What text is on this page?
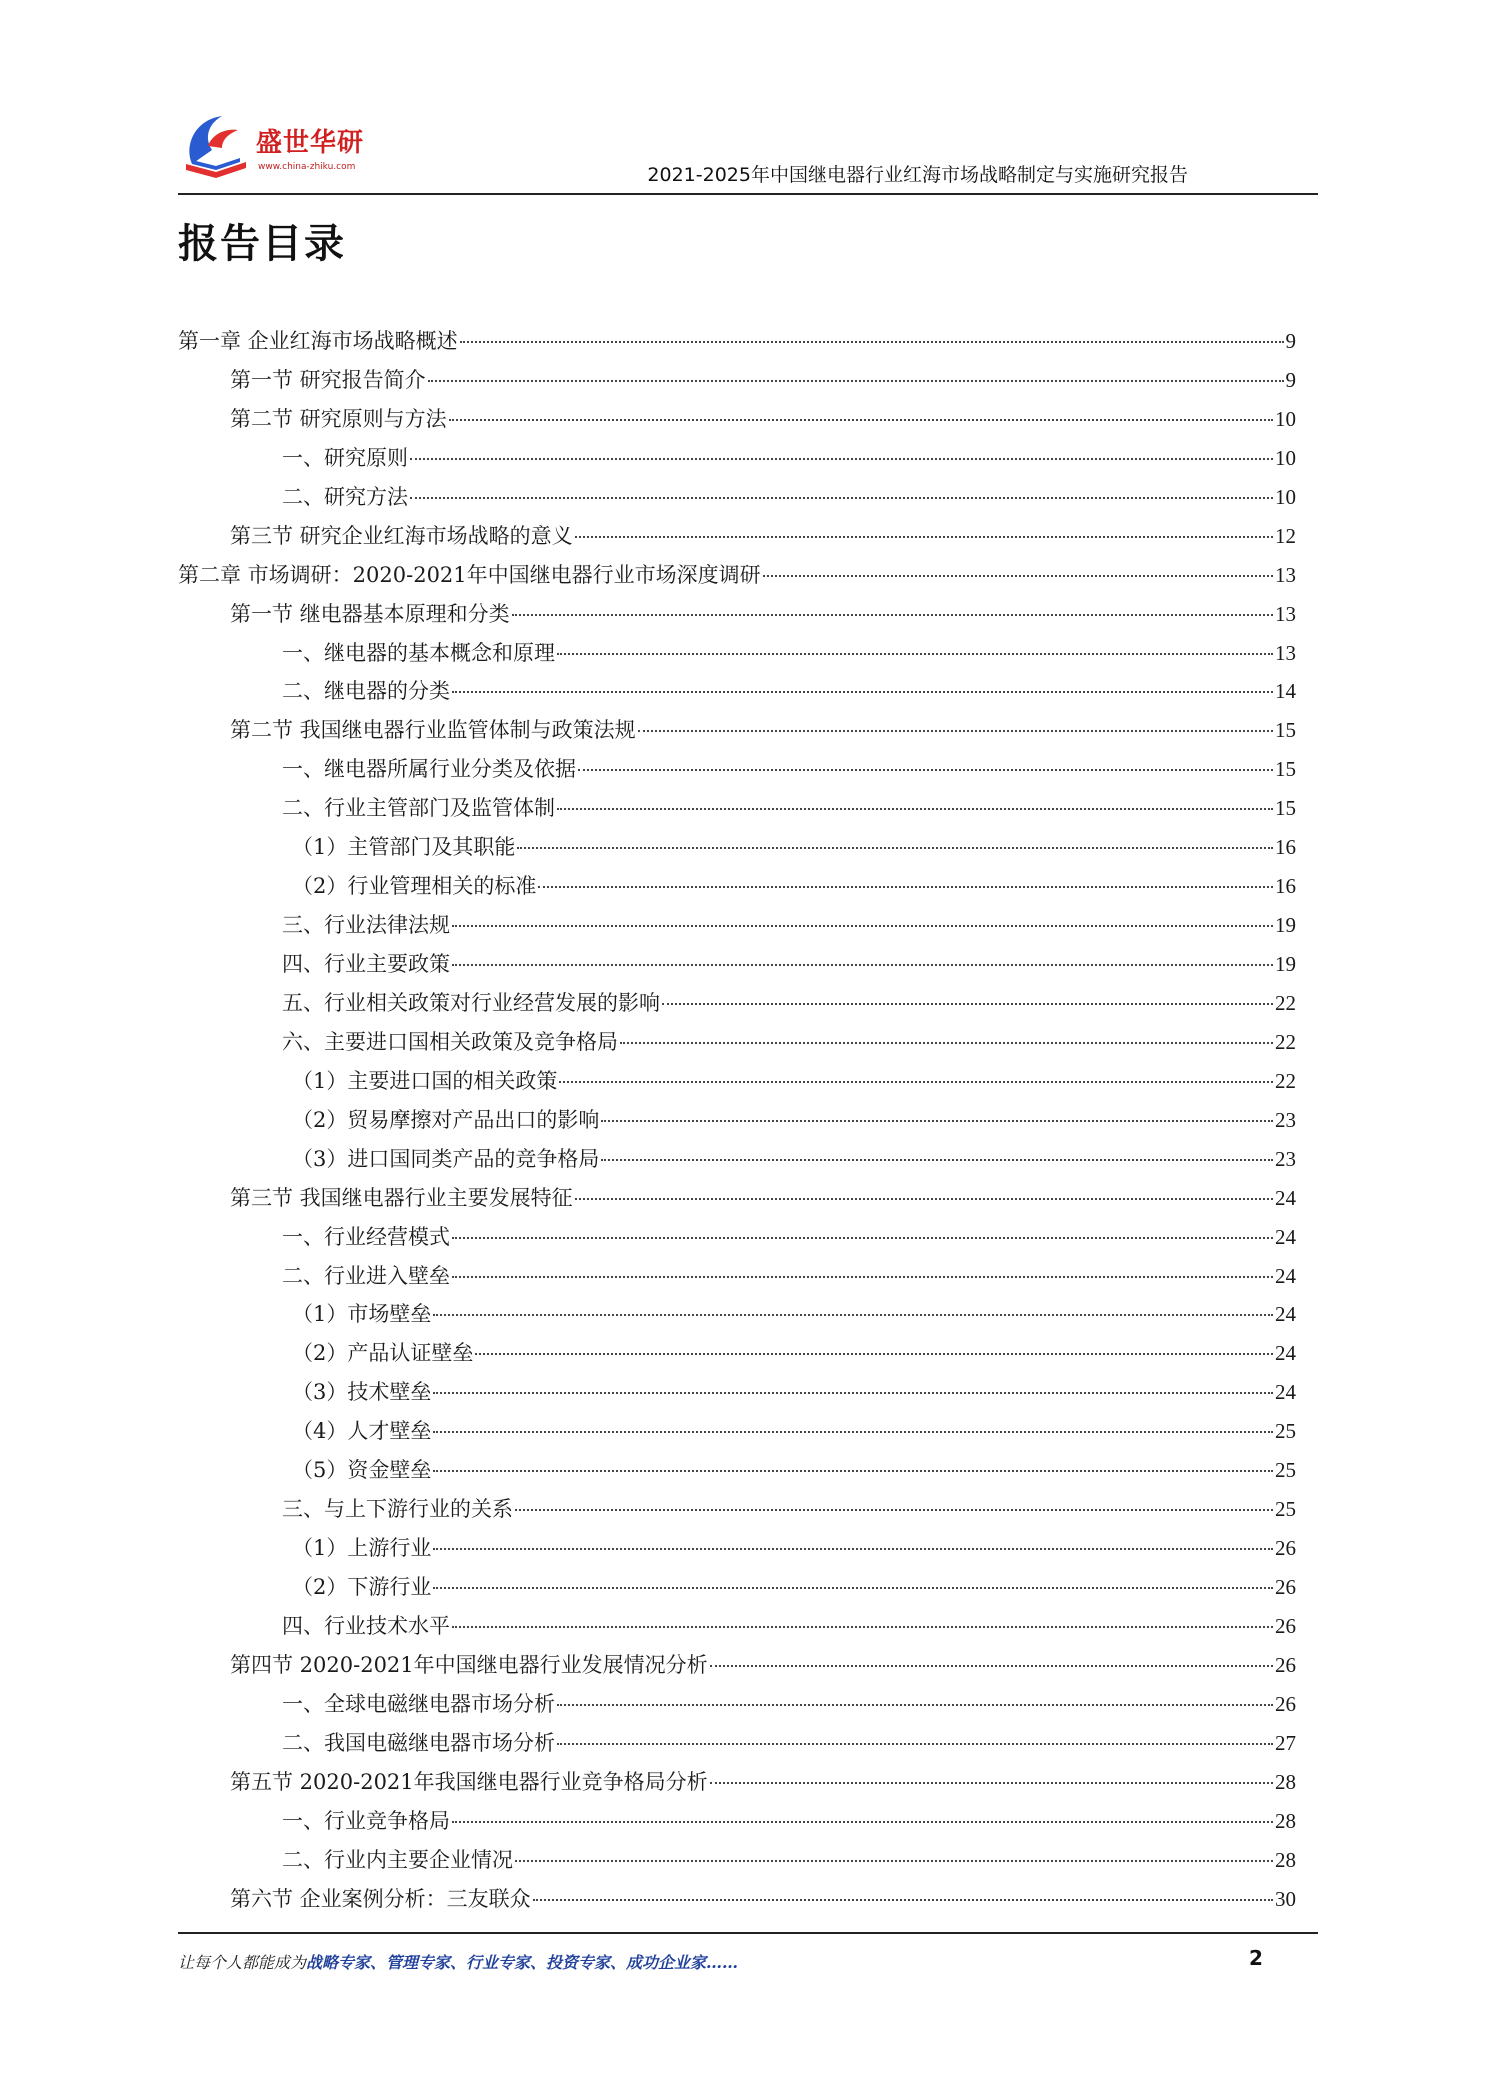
盛世华研
www.china-zhiku.com	2021-2025年中国继电器行业红海市场战略制定与实施研究报告
报告目录
第一章 企业红海市场战略概述	9
第一节 研究报告简介	9
第二节 研究原则与方法	10
一、研究原则	10
二、研究方法	10
第三节 研究企业红海市场战略的意义	12
第二章 市场调研：2020-2021年中国继电器行业市场深度调研	13
第一节 继电器基本原理和分类	13
一、继电器的基本概念和原理	13
二、继电器的分类	14
第二节 我国继电器行业监管体制与政策法规	15
一、继电器所属行业分类及依据	15
二、行业主管部门及监管体制	15
（1）主管部门及其职能	16
（2）行业管理相关的标准	16
三、行业法律法规	19
四、行业主要政策	19
五、行业相关政策对行业经营发展的影响	22
六、主要进口国相关政策及竞争格局	22
（1）主要进口国的相关政策	22
（2）贸易摩擦对产品出口的影响	23
（3）进口国同类产品的竞争格局	23
第三节 我国继电器行业主要发展特征	24
一、行业经营模式	24
二、行业进入壁垒	24
（1）市场壁垒	24
（2）产品认证壁垒	24
（3）技术壁垒	24
（4）人才壁垒	25
（5）资金壁垒	25
三、与上下游行业的关系	25
（1）上游行业	26
（2）下游行业	26
四、行业技术水平	26
第四节 2020-2021年中国继电器行业发展情况分析	26
一、全球电磁继电器市场分析	26
二、我国电磁继电器市场分析	27
第五节 2020-2021年我国继电器行业竞争格局分析	28
一、行业竞争格局	28
二、行业内主要企业情况	28
第六节 企业案例分析：三友联众	30
让每个人都能成为战略专家、管理专家、行业专家、投资专家、成功企业家……	2
